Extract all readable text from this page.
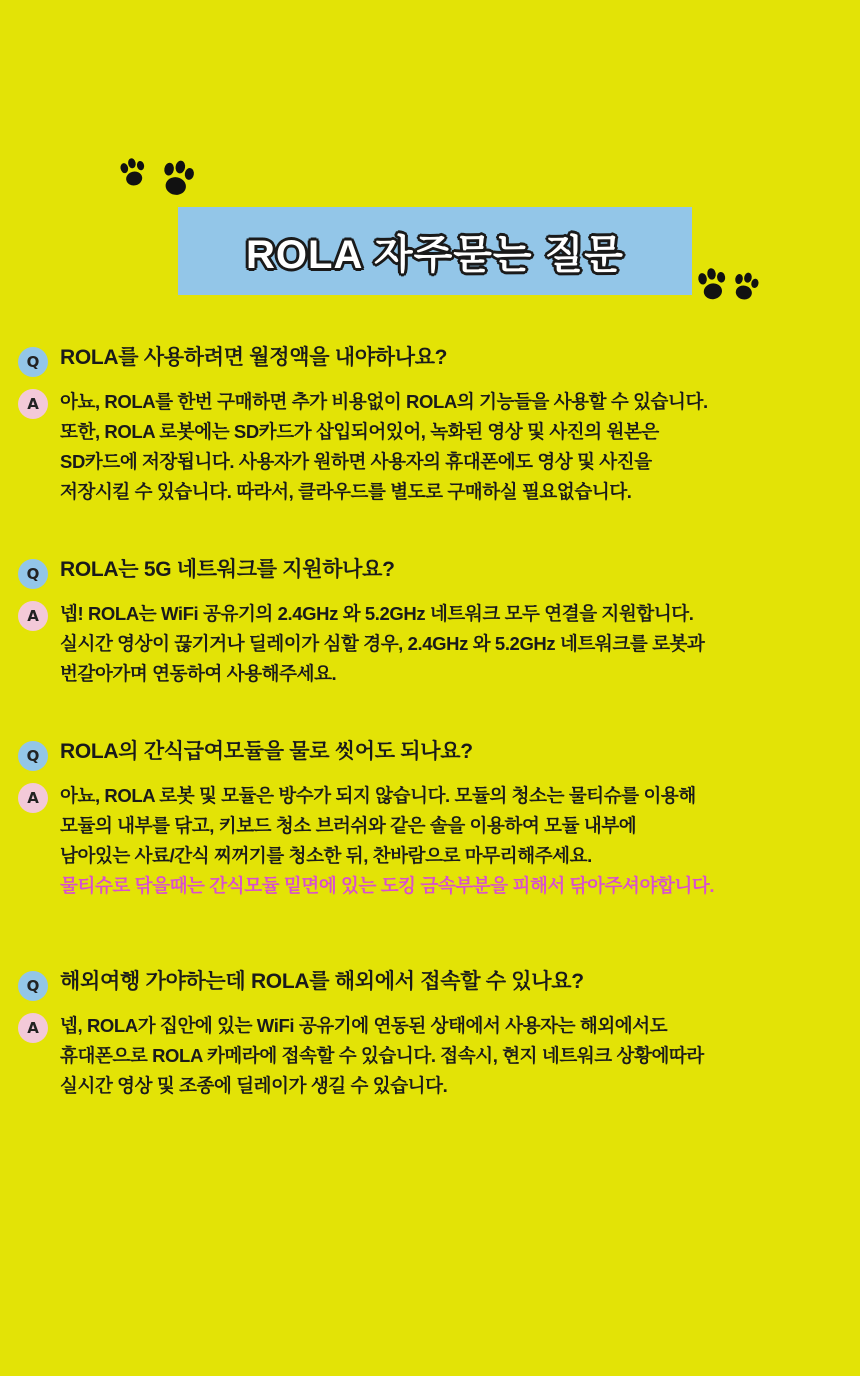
ROLA 자주묻는 질문
Q ROLA를 사용하려면 월정액을 내야하나요?
A	아뇨, ROLA를 한번 구매하면 추가 비용없이 ROLA의 기능들을 사용할 수 있습니다.
또한, ROLA 로봇에는 SD카드가 삽입되어있어, 녹화된 영상 및 사진의 원본은
SD카드에 저장됩니다. 사용자가 원하면 사용자의 휴대폰에도 영상 및 사진을
저장시킬 수 있습니다. 따라서, 클라우드를 별도로 구매하실 필요없습니다.
Q ROLA는 5G 네트워크를 지원하나요?
A	넵! ROLA는 WiFi 공유기의 2.4GHz 와 5.2GHz 네트워크 모두 연결을 지원합니다.
실시간 영상이 끊기거나 딜레이가 심할 경우, 2.4GHz 와 5.2GHz 네트워크를 로봇과
번갈아가며 연동하여 사용해주세요.
Q ROLA의 간식급여모듈을 물로 씻어도 되나요?
A	아뇨, ROLA 로봇 및 모듈은 방수가 되지 않습니다. 모듈의 청소는 물티슈를 이용해
모듈의 내부를 닦고, 키보드 청소 브러쉬와 같은 솔을 이용하여 모듈 내부에
남아있는 사료/간식 찌꺼기를 청소한 뒤, 찬바람으로 마무리해주세요.
물티슈로 닦을때는 간식모듈 밑면에 있는 도킹 금속부분을 피해서 닦아주셔야합니다.
Q 해외여행 가야하는데 ROLA를 해외에서 접속할 수 있나요?
A	넵, ROLA가 집안에 있는 WiFi 공유기에 연동된 상태에서 사용자는 해외에서도
휴대폰으로 ROLA 카메라에 접속할 수 있습니다. 접속시, 현지 네트워크 상황에따라
실시간 영상 및 조종에 딜레이가 생길 수 있습니다.
